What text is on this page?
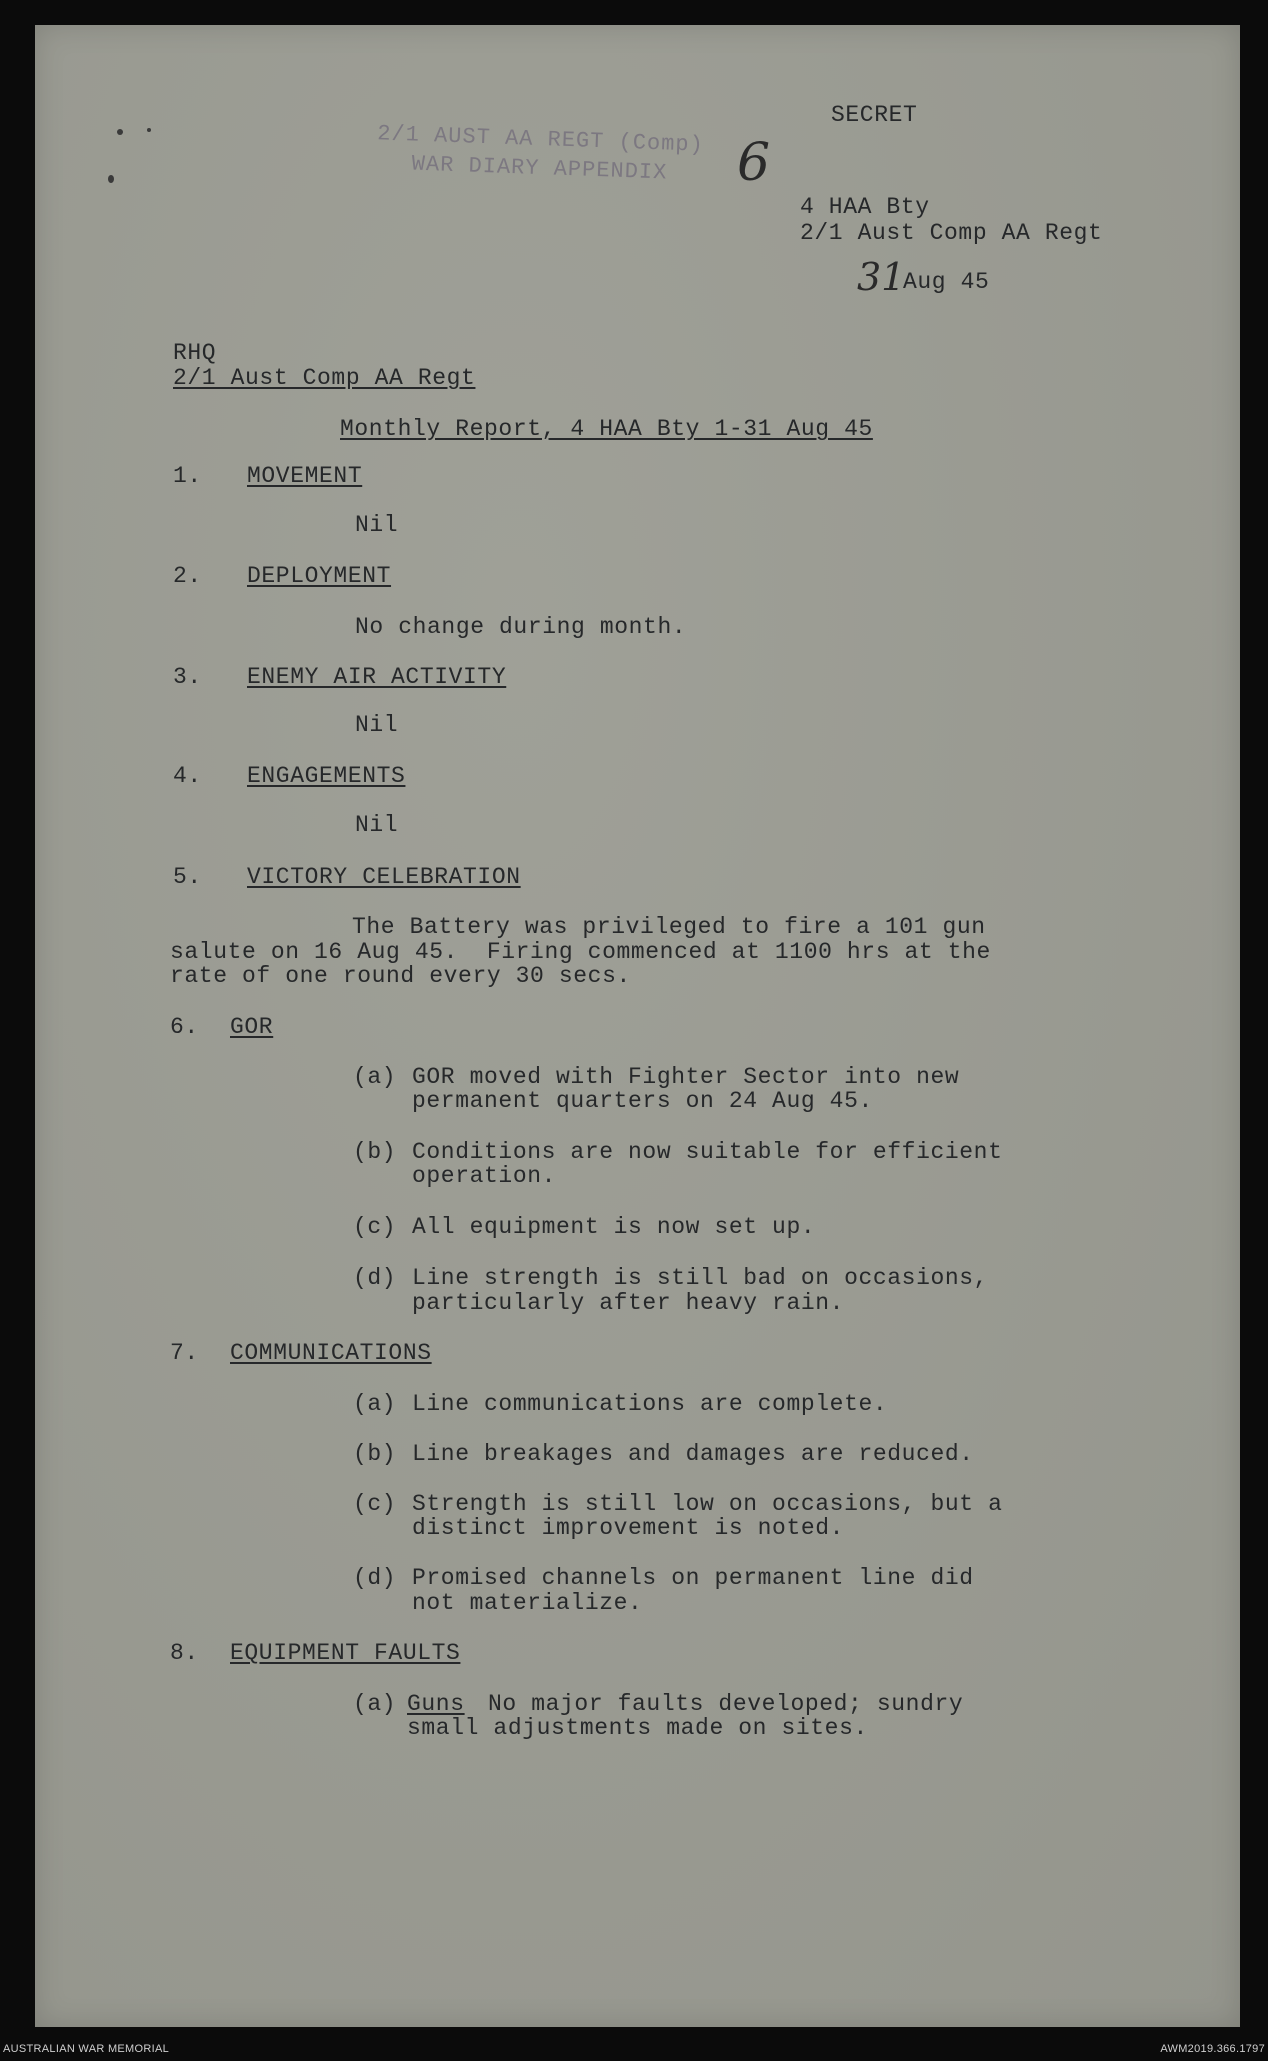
2/1 AUST AA REGT (Comp)
WAR DIARY APPENDIX	6
SECRET
4 HAA Bty
2/1 Aust Comp AA Regt
31
Aug 45
RHQ
2/1 Aust Comp AA Regt
Monthly Report, 4 HAA Bty 1-31 Aug 45
1. MOVEMENT
Nil
2. DEPLOYMENT
No change during month.
3. ENEMY AIR ACTIVITY
Nil
4. ENGAGEMENTS
Nil
5. VICTORY CELEBRATION
The Battery was privileged to fire a 101 gun
salute on 16 Aug 45.  Firing commenced at 1100 hrs at the
rate of one round every 30 secs.
6. GOR
(a) GOR moved with Fighter Sector into new
permanent quarters on 24 Aug 45.
(b) Conditions are now suitable for efficient
operation.
(c) All equipment is now set up.
(d) Line strength is still bad on occasions,
particularly after heavy rain.
7. COMMUNICATIONS
(a) Line communications are complete.
(b) Line breakages and damages are reduced.
(c) Strength is still low on occasions, but a
distinct improvement is noted.
(d) Promised channels on permanent line did
not materialize.
8. EQUIPMENT FAULTS
(a) Guns No major faults developed; sundry
small adjustments made on sites.
AUSTRALIAN WAR MEMORIAL	AWM2019.366.1797
